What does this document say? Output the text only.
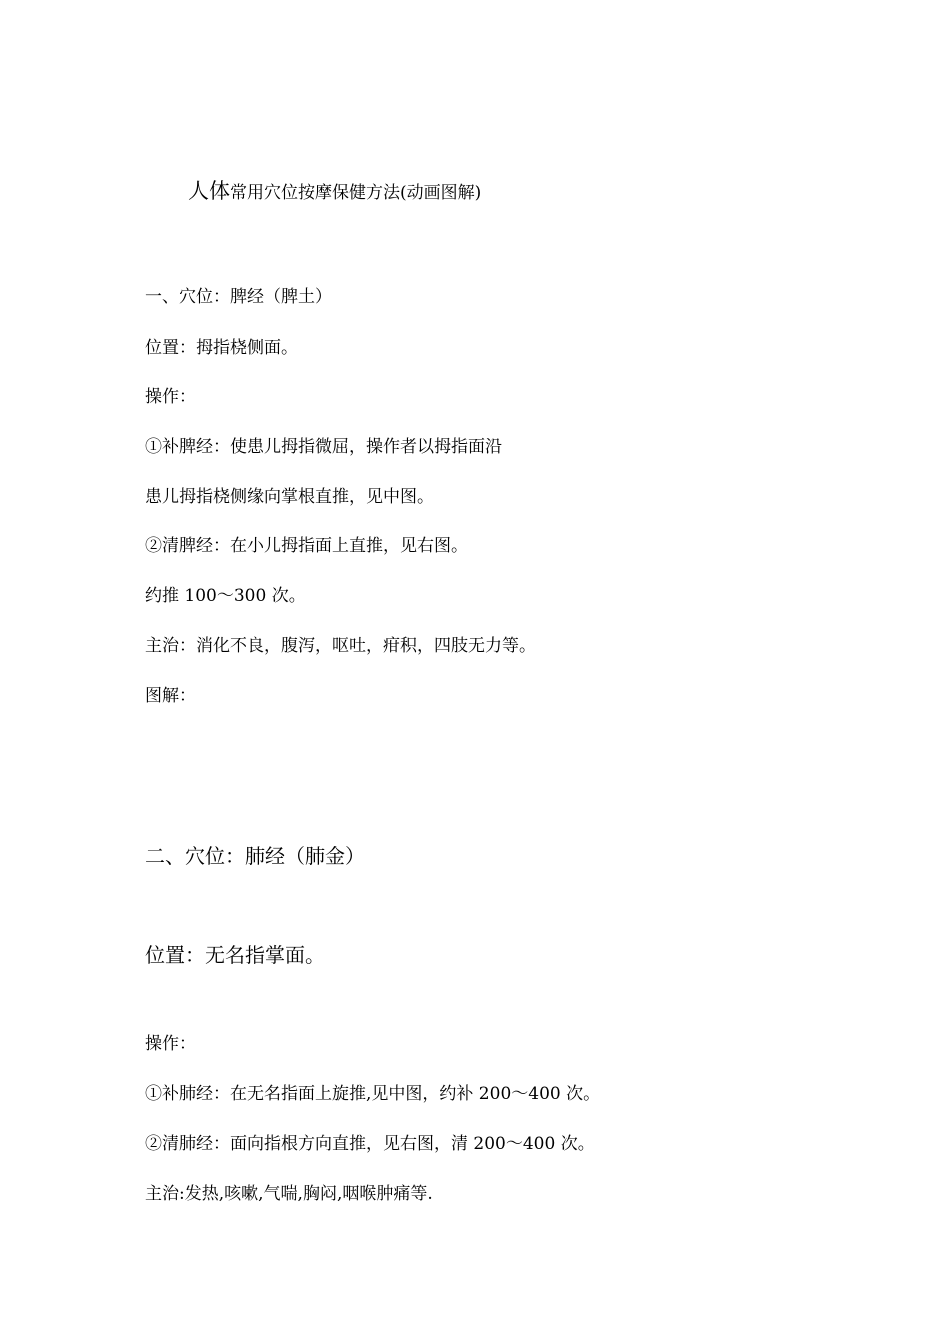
人体常用穴位按摩保健方法(动画图解)
一、穴位：脾经（脾土）
位置：拇指桡侧面。
操作：
①补脾经：使患儿拇指微屈，操作者以拇指面沿
患儿拇指桡侧缘向掌根直推，见中图。
②清脾经：在小儿拇指面上直推，见右图。
约推 100～300 次。
主治：消化不良，腹泻，呕吐，疳积，四肢无力等。
图解：
二、穴位：肺经（肺金）
位置：无名指掌面。
操作：
①补肺经：在无名指面上旋推,见中图，约补 200～400 次。
②清肺经：面向指根方向直推，见右图，清 200～400 次。
主治:发热,咳嗽,气喘,胸闷,咽喉肿痛等.
